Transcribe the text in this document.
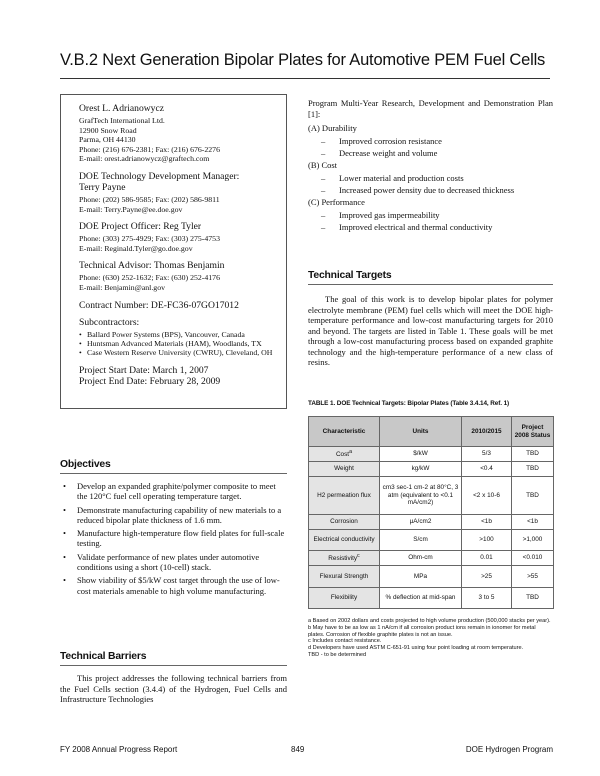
V.B.2 Next Generation Bipolar Plates for Automotive PEM Fuel Cells
Orest L. Adrianowycz
GrafTech International Ltd.
12900 Snow Road
Parma, OH 44130
Phone: (216) 676-2381; Fax: (216) 676-2276
E-mail: orest.adrianowycz@graftech.com
DOE Technology Development Manager:
Terry Payne
Phone: (202) 586-9585; Fax: (202) 586-9811
E-mail: Terry.Payne@ee.doe.gov
DOE Project Officer: Reg Tyler
Phone: (303) 275-4929; Fax: (303) 275-4753
E-mail: Reginald.Tyler@go.doe.gov
Technical Advisor: Thomas Benjamin
Phone: (630) 252-1632; Fax: (630) 252-4176
E-mail: Benjamin@anl.gov
Contract Number: DE-FC36-07GO17012
Subcontractors:
• Ballard Power Systems (BPS), Vancouver, Canada
• Huntsman Advanced Materials (HAM), Woodlands, TX
• Case Western Reserve University (CWRU), Cleveland, OH
Project Start Date: March 1, 2007
Project End Date: February 28, 2009
Objectives
• Develop an expanded graphite/polymer composite to meet the 120°C fuel cell operating temperature target.
• Demonstrate manufacturing capability of new materials to a reduced bipolar plate thickness of 1.6 mm.
• Manufacture high-temperature flow field plates for full-scale testing.
• Validate performance of new plates under automotive conditions using a short (10-cell) stack.
• Show viability of $5/kW cost target through the use of low-cost materials amenable to high volume manufacturing.
Technical Barriers

This project addresses the following technical barriers from the Fuel Cells section (3.4.4) of the Hydrogen, Fuel Cells and Infrastructure Technologies

Program Multi-Year Research, Development and Demonstration Plan [1]:

(A) Durability
– Improved corrosion resistance
– Decrease weight and volume
(B) Cost
– Lower material and production costs
– Increased power density due to decreased thickness
(C) Performance
– Improved gas impermeability
– Improved electrical and thermal conductivity
Technical Targets

The goal of this work is to develop bipolar plates for polymer electrolyte membrane (PEM) fuel cells which will meet the DOE high-temperature performance and low-cost manufacturing targets for 2010 and beyond. The targets are listed in Table 1. These goals will be met through a low-cost manufacturing process based on expanded graphite technology and the high-temperature performance of a new class of resins.

TABLE 1. DOE Technical Targets: Bipolar Plates (Table 3.4.14, Ref. 1)
Characteristic	Units	2010/2015	Project 2008 Status
Cost$^a$	$/kW	5/3	TBD
Weight	kg/kW	<0.4	TBD
H2 permeation flux	cm3 sec-1 cm-2 at 80°C, 3 atm (equivalent to <0.1 mA/cm2)	<2 x 10-6	TBD
Corrosion	μA/cm2	<1b	<1b
Electrical conductivity	S/cm	>100	>1,000
Resistivity$^c$	Ohm-cm	0.01	<0.010
Flexural Strength	MPa	>25	>55
Flexibility	% deflection at mid-span	3 to 5	TBD
a Based on 2002 dollars and costs projected to high volume production (500,000 stacks per year).
b May have to be as low as 1 nA/cm if all corrosion product ions remain in ionomer for metal plates. Corrosion of flexible graphite plates is not an issue.
c Includes contact resistance.
d Developers have used ASTM C-651-91 using four point loading at room temperature.
TBD - to be determined
FY 2008 Annual Progress Report	849	DOE Hydrogen Program
